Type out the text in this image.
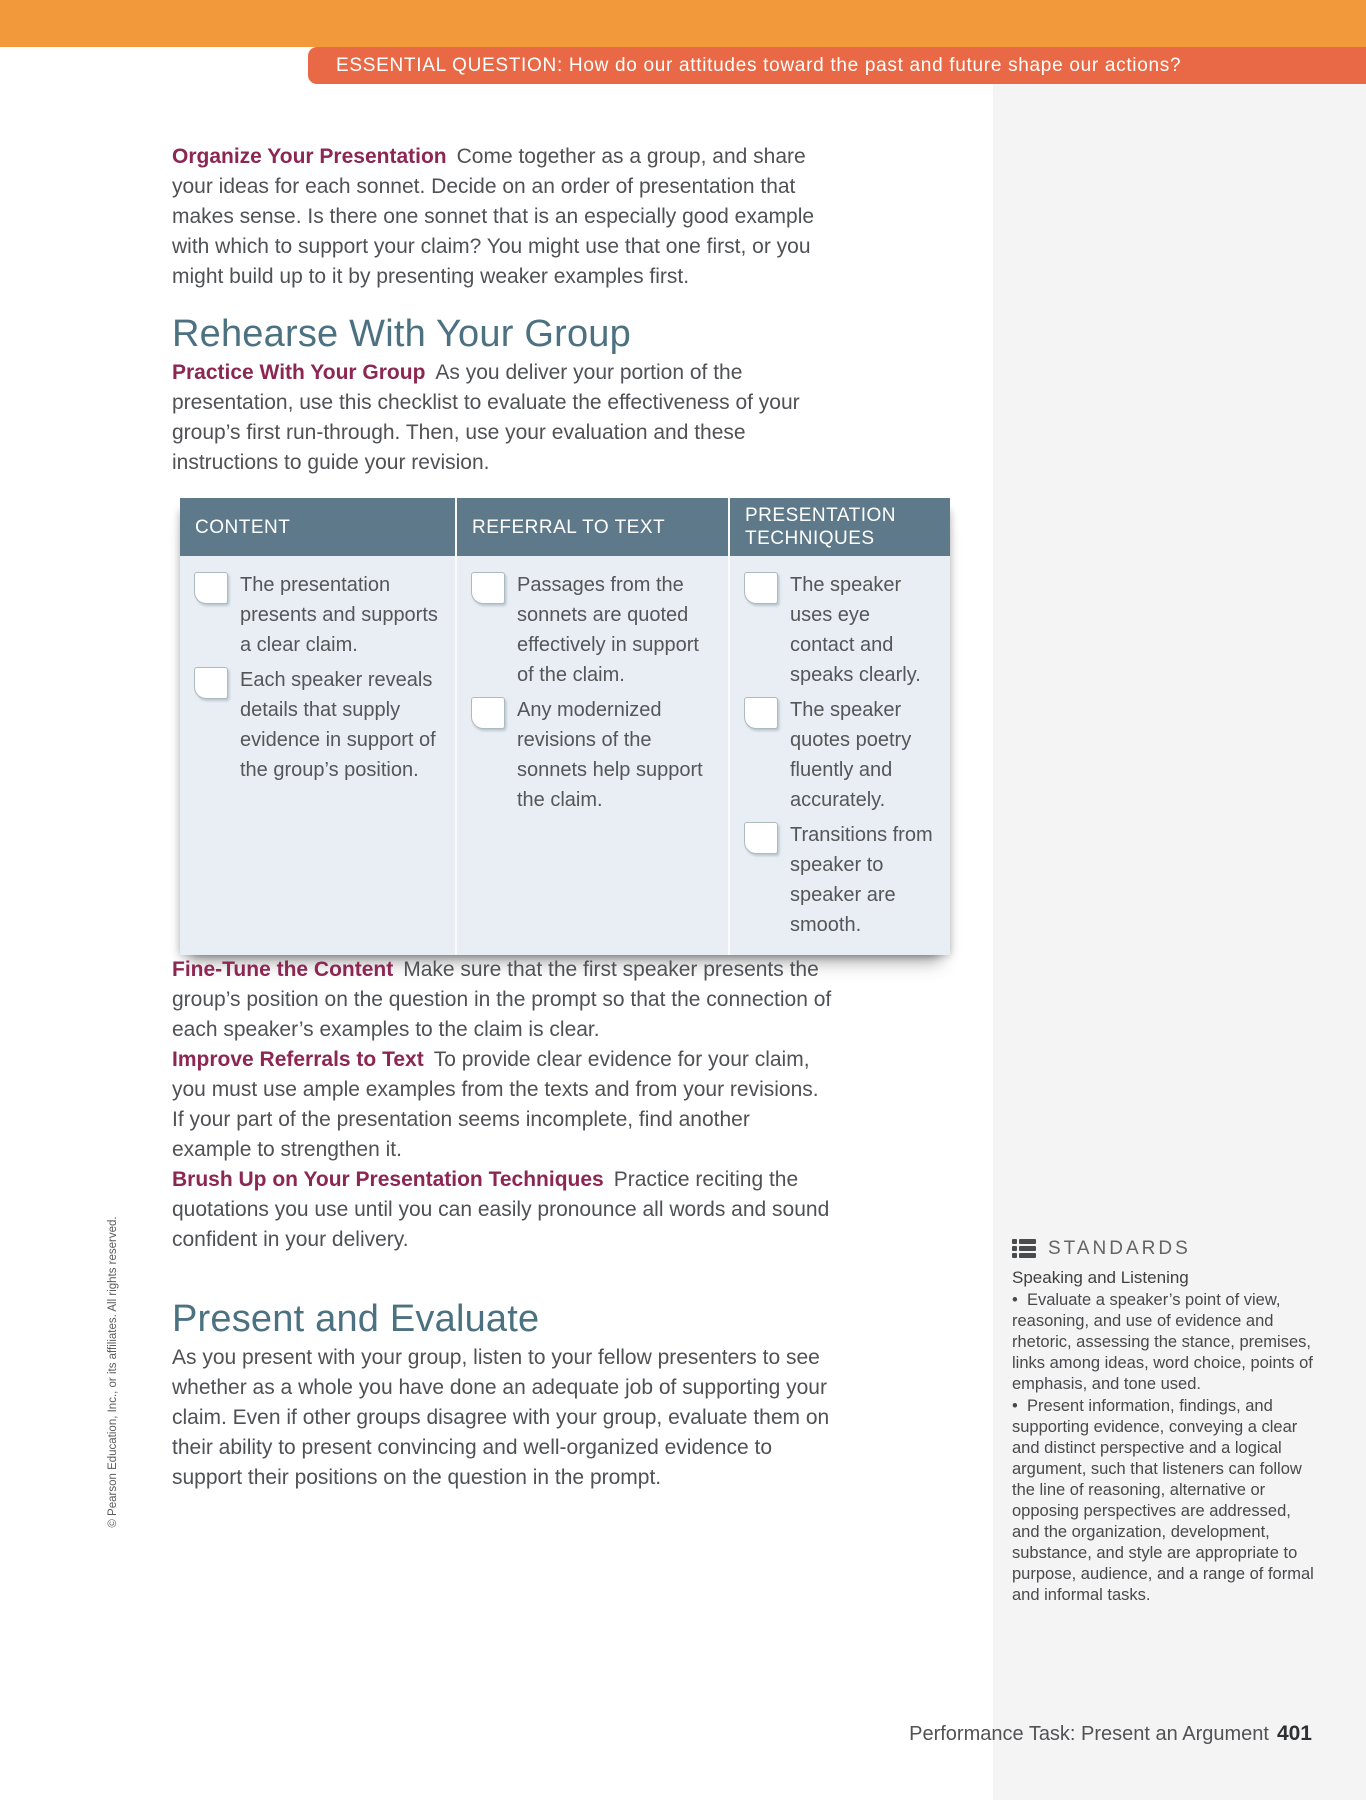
ESSENTIAL QUESTION: How do our attitudes toward the past and future shape our actions?

Organize Your Presentation Come together as a group, and share your ideas for each sonnet. Decide on an order of presentation that makes sense. Is there one sonnet that is an especially good example with which to support your claim? You might use that one first, or you might build up to it by presenting weaker examples first.

Rehearse With Your Group

Practice With Your Group As you deliver your portion of the presentation, use this checklist to evaluate the effectiveness of your group’s first run-through. Then, use your evaluation and these instructions to guide your revision.

CONTENT	REFERRAL TO TEXT
PRESENTATION TECHNIQUES
The presentation presents and supports a clear claim.
Each speaker reveals details that supply evidence in support of the group’s position.
Passages from the sonnets are quoted effectively in support of the claim.
Any modernized revisions of the sonnets help support the claim.
The speaker uses eye contact and speaks clearly.
The speaker quotes poetry fluently and accurately.
Transitions from speaker to speaker are smooth.

Fine-Tune the Content Make sure that the first speaker presents the group’s position on the question in the prompt so that the connection of each speaker’s examples to the claim is clear.

Improve Referrals to Text To provide clear evidence for your claim, you must use ample examples from the texts and from your revisions. If your part of the presentation seems incomplete, find another example to strengthen it.

Brush Up on Your Presentation Techniques Practice reciting the quotations you use until you can easily pronounce all words and sound confident in your delivery.

Present and Evaluate

As you present with your group, listen to your fellow presenters to see whether as a whole you have done an adequate job of supporting your claim. Even if other groups disagree with your group, evaluate them on their ability to present convincing and well-organized evidence to support their positions on the question in the prompt.

STANDARDS
Speaking and Listening
•  Evaluate a speaker’s point of view, reasoning, and use of evidence and rhetoric, assessing the stance, premises, links among ideas, word choice, points of emphasis, and tone used.
•  Present information, findings, and supporting evidence, conveying a clear and distinct perspective and a logical argument, such that listeners can follow the line of reasoning, alternative or opposing perspectives are addressed, and the organization, development, substance, and style are appropriate to purpose, audience, and a range of formal and informal tasks.
Performance Task: Present an Argument 401
© Pearson Education, Inc., or its affiliates. All rights reserved.
